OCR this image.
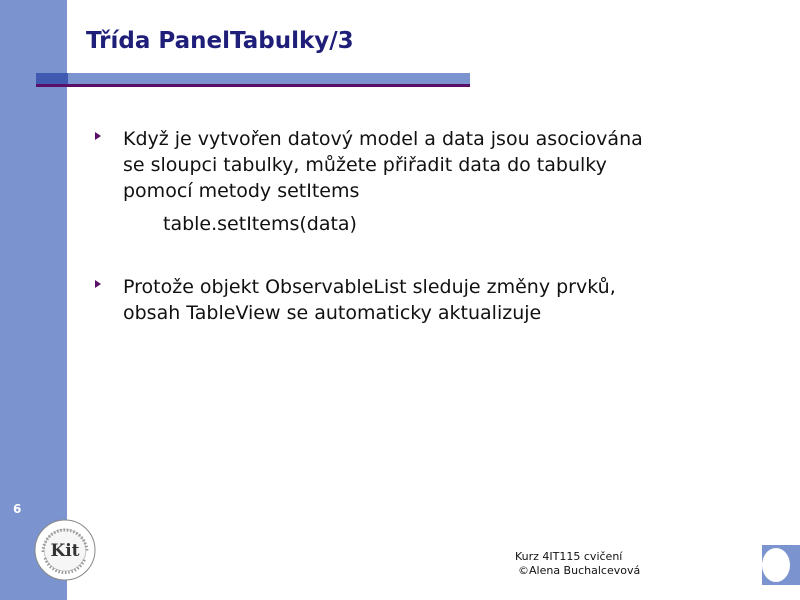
6
Kit
Třída PanelTabulky/3
Když je vytvořen datový model a data jsou asociována se sloupci tabulky, můžete přiřadit data do tabulky pomocí metody setItems
table.setItems(data)
Protože objekt ObservableList sleduje změny prvků, obsah TableView se automaticky aktualizuje
Kurz 4IT115 cvičení
©Alena Buchalcevová
